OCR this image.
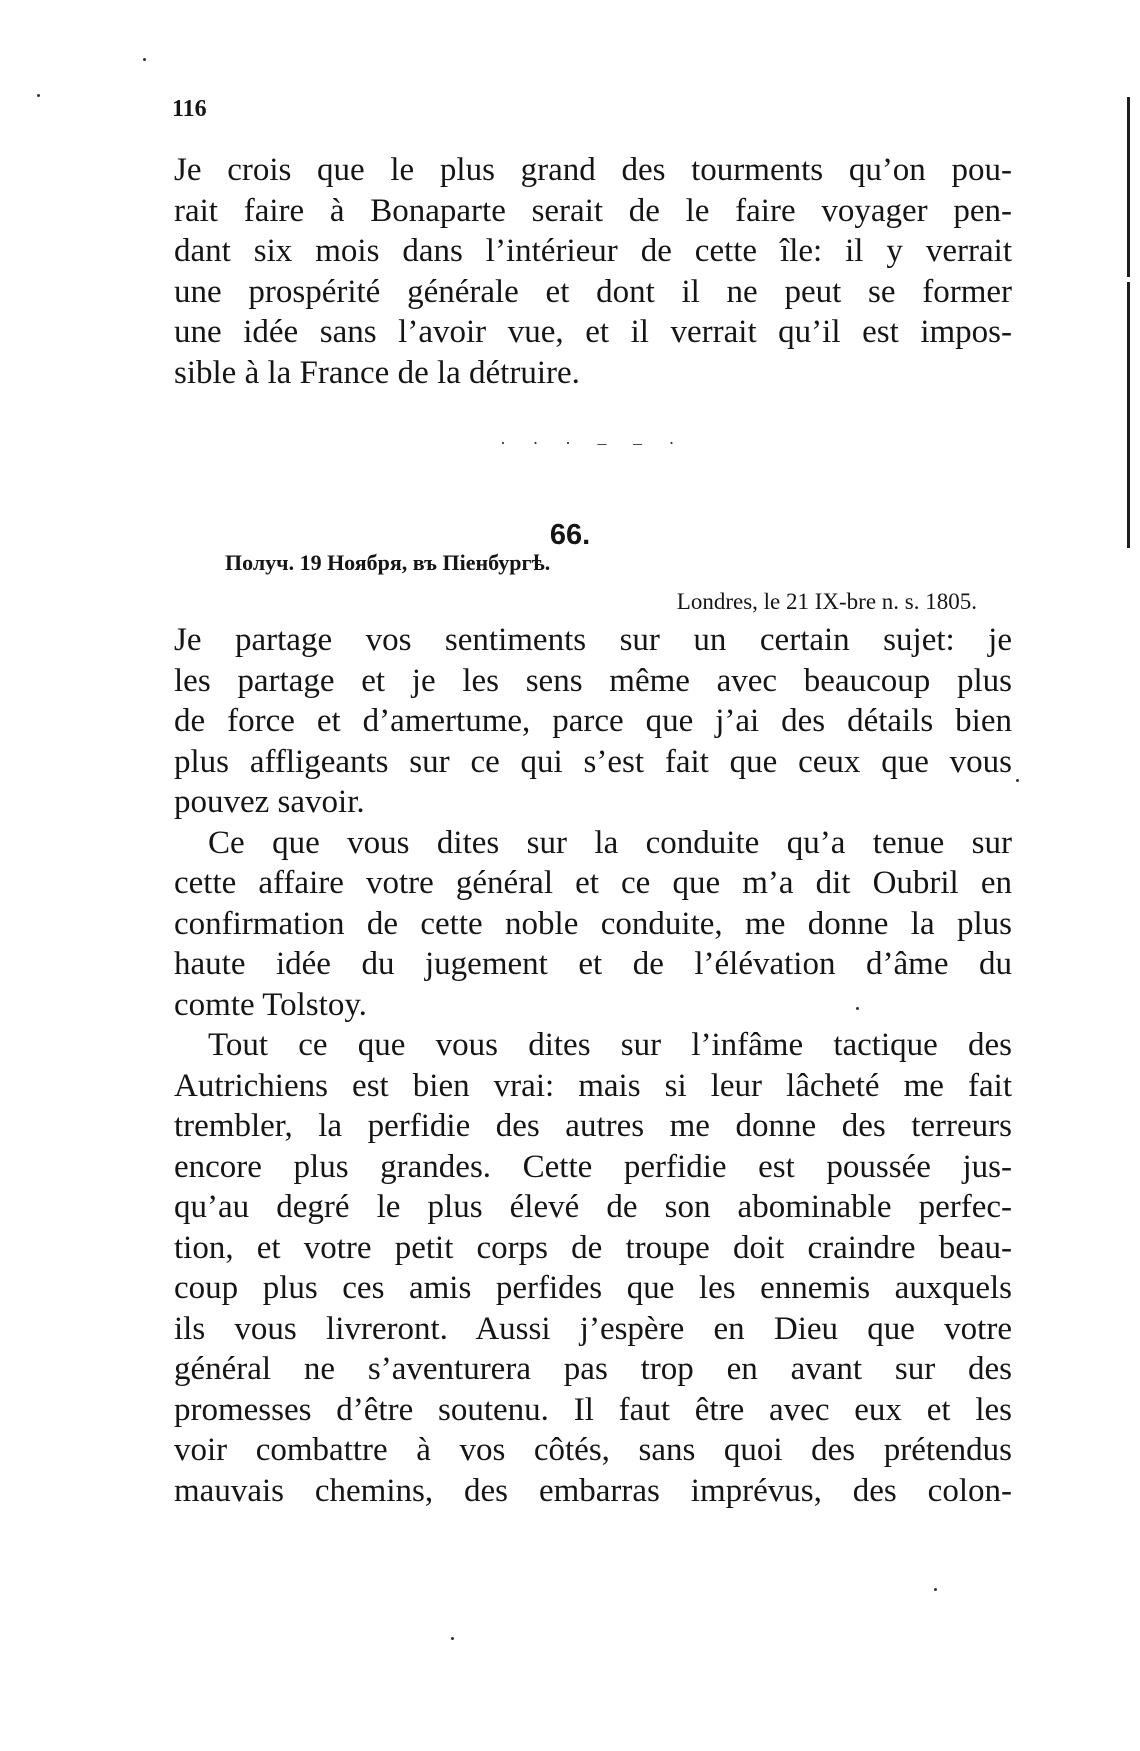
116
Je crois que le plus grand des tourments qu’on pou-
rait faire à Bonaparte serait de le faire voyager pen-
dant six mois dans l’intérieur de cette île: il y verrait
une prospérité générale et dont il ne peut se former
une idée sans l’avoir vue, et il verrait qu’il est impos-
sible à la France de la détruire.
· · · – – ·
66.
Получ. 19 Ноября, въ Піенбургѣ.
Londres, le 21 IX-bre n. s. 1805.
Je partage vos sentiments sur un certain sujet: je
les partage et je les sens même avec beaucoup plus
de force et d’amertume, parce que j’ai des détails bien
plus affligeants sur ce qui s’est fait que ceux que vous
pouvez savoir.
Ce que vous dites sur la conduite qu’a tenue sur
cette affaire votre général et ce que m’a dit Oubril en
confirmation de cette noble conduite, me donne la plus
haute idée du jugement et de l’élévation d’âme du
comte Tolstoy.
Tout ce que vous dites sur l’infâme tactique des
Autrichiens est bien vrai: mais si leur lâcheté me fait
trembler, la perfidie des autres me donne des terreurs
encore plus grandes. Cette perfidie est poussée jus-
qu’au degré le plus élevé de son abominable perfec-
tion, et votre petit corps de troupe doit craindre beau-
coup plus ces amis perfides que les ennemis auxquels
ils vous livreront. Aussi j’espère en Dieu que votre
général ne s’aventurera pas trop en avant sur des
promesses d’être soutenu. Il faut être avec eux et les
voir combattre à vos côtés, sans quoi des prétendus
mauvais chemins, des embarras imprévus, des colon-
